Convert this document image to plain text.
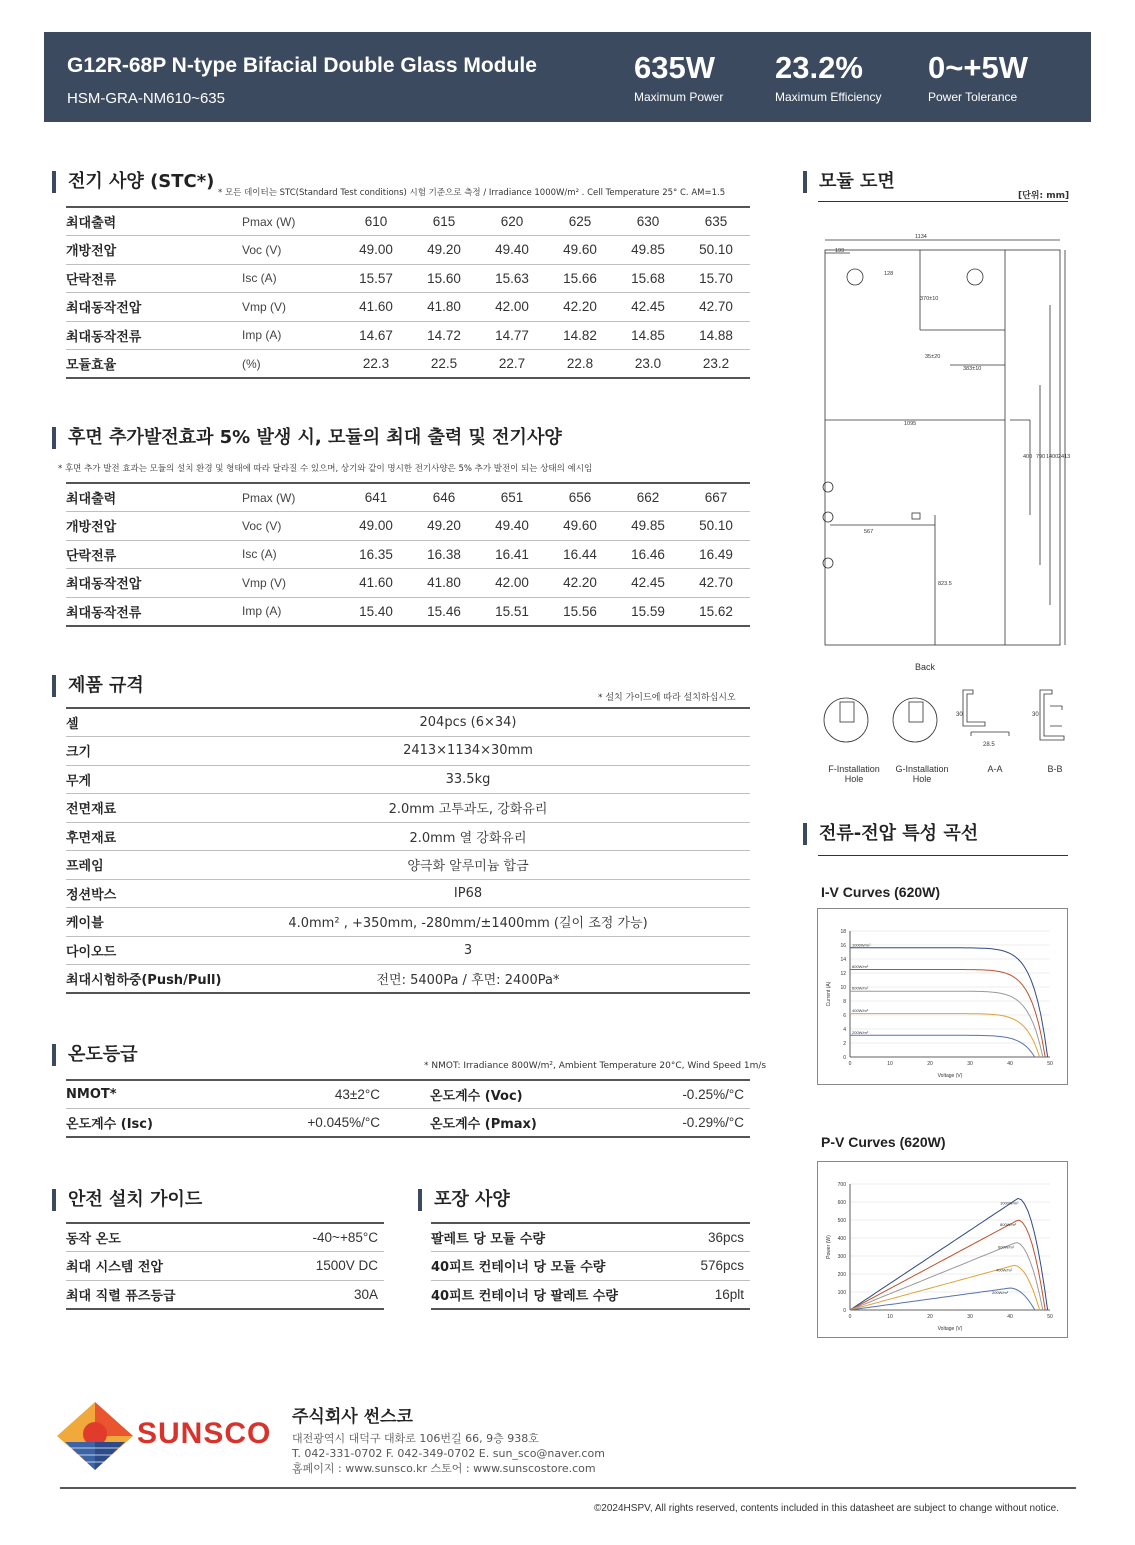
G12R-68P N-type Bifacial Double Glass Module
HSM-GRA-NM610~635
635W
Maximum Power
23.2%
Maximum Efficiency
0~+5W
Power Tolerance
전기 사양 (STC*)
* 모든 데이터는 STC(Standard Test conditions) 시험 기준으로 측정 / Irradiance 1000W/m² . Cell Temperature 25° C. AM=1.5
최대출력	Pmax (W)	610	615	620	625	630	635
개방전압	Voc (V)	49.00	49.20	49.40	49.60	49.85	50.10
단락전류	Isc (A)	15.57	15.60	15.63	15.66	15.68	15.70
최대동작전압	Vmp (V)	41.60	41.80	42.00	42.20	42.45	42.70
최대동작전류	Imp (A)	14.67	14.72	14.77	14.82	14.85	14.88
모듈효율	(%)	22.3	22.5	22.7	22.8	23.0	23.2
후면 추가발전효과 5% 발생 시, 모듈의 최대 출력 및 전기사양
* 후면 추가 발전 효과는 모듈의 설치 환경 및 형태에 따라 달라질 수 있으며, 상기와 같이 명시한 전기사양은 5% 추가 발전이 되는 상태의 예시임
최대출력	Pmax (W)	641	646	651	656	662	667
개방전압	Voc (V)	49.00	49.20	49.40	49.60	49.85	50.10
단락전류	Isc (A)	16.35	16.38	16.41	16.44	16.46	16.49
최대동작전압	Vmp (V)	41.60	41.80	42.00	42.20	42.45	42.70
최대동작전류	Imp (A)	15.40	15.46	15.51	15.56	15.59	15.62
제품 규격
* 설치 가이드에 따라 설치하십시오
셀	204pcs (6×34)	
크기	2413×1134×30mm	
무게	33.5kg	
전면재료	2.0mm 고투과도, 강화유리	
후면재료	2.0mm 열 강화유리	
프레임	양극화 알루미늄 합금	
정션박스	IP68	
케이블	4.0mm² , +350mm, -280mm/±1400mm (길이 조정 가능)	
다이오드	3	
최대시험하중(Push/Pull)	전면: 5400Pa / 후면: 2400Pa*	
온도등급
* NMOT: Irradiance 800W/m², Ambient Temperature 20°C, Wind Speed 1m/s
NMOT*	43±2°C		온도계수 (Voc)	-0.25%/°C
온도계수 (Isc)	+0.045%/°C		온도계수 (Pmax)	-0.29%/°C
안전 설치 가이드
동작 온도	-40~+85°C
최대 시스템 전압	1500V DC
최대 직렬 퓨즈등급	30A
포장 사양
팔레트 당 모듈 수량	36pcs
40피트 컨테이너 당 모듈 수량	576pcs
40피트 컨테이너 당 팔레트 수량	16plt
모듈 도면
[단위: mm]
1134
199
128
370±10
35±20
383±10
1095
400 790 1400 2413
567
823.5
Back
30
28.5
30
F-Installation Hole
G-Installation Hole
A-A	B-B
전류-전압 특성 곡선
I-V Curves (620W)
0
2
4
6
8
10
12
14
16
18
0	10	20	30	40	50
Voltage (V)
Current (A)
1000W/m²
800W/m²
600W/m²
400W/m²
200W/m²
P-V Curves (620W)
0
100
200
300
400
500
600
700
0	10	20	30	40	50
Voltage (V)
Power (W)
1000W/m²
800W/m²
600W/m²
400W/m²
200W/m²
SUNSCO 주식회사 썬스코
대전광역시 대덕구 대화로 106번길 66, 9층 938호
T. 042-331-0702 F. 042-349-0702 E. sun_sco@naver.com
홈페이지 : www.sunsco.kr 스토어 : www.sunscostore.com
©2024HSPV, All rights reserved, contents included in this datasheet are subject to change without notice.
